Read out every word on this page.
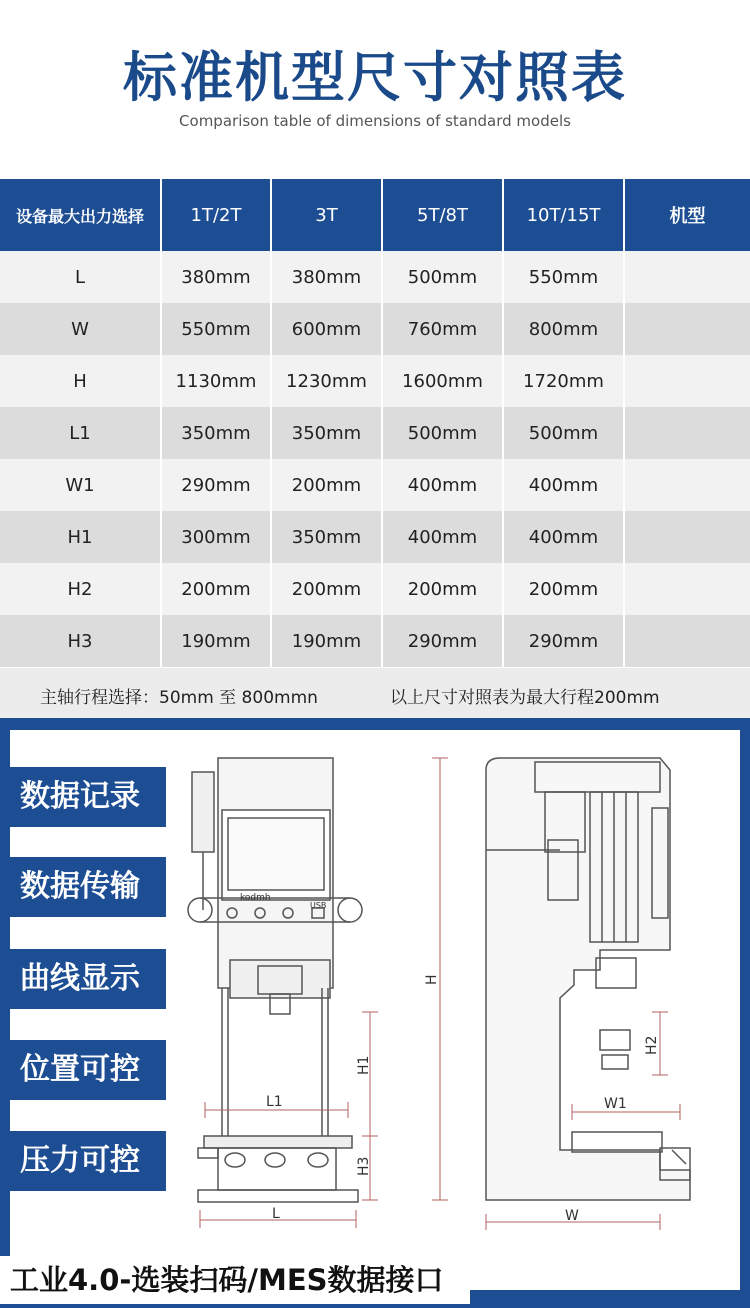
标准机型尺寸对照表
Comparison table of dimensions of standard models
设备最大出力选择	1T/2T	3T	5T/8T	10T/15T	机型
L	380mm	380mm	500mm	550mm	
W	550mm	600mm	760mm	800mm	
H	1130mm	1230mm	1600mm	1720mm	
L1	350mm	350mm	500mm	500mm	
W1	290mm	200mm	400mm	400mm	
H1	300mm	350mm	400mm	400mm	
H2	200mm	200mm	200mm	200mm	
H3	190mm	190mm	290mm	290mm	
主轴行程选择：50mm 至 800mmn	以上尺寸对照表为最大行程200mm
kodmh
USB
L
L1
H1
H3
H
W
W1
H2
数据记录
数据传输
曲线显示
位置可控
压力可控
工业4.0-选装扫码/MES数据接口
